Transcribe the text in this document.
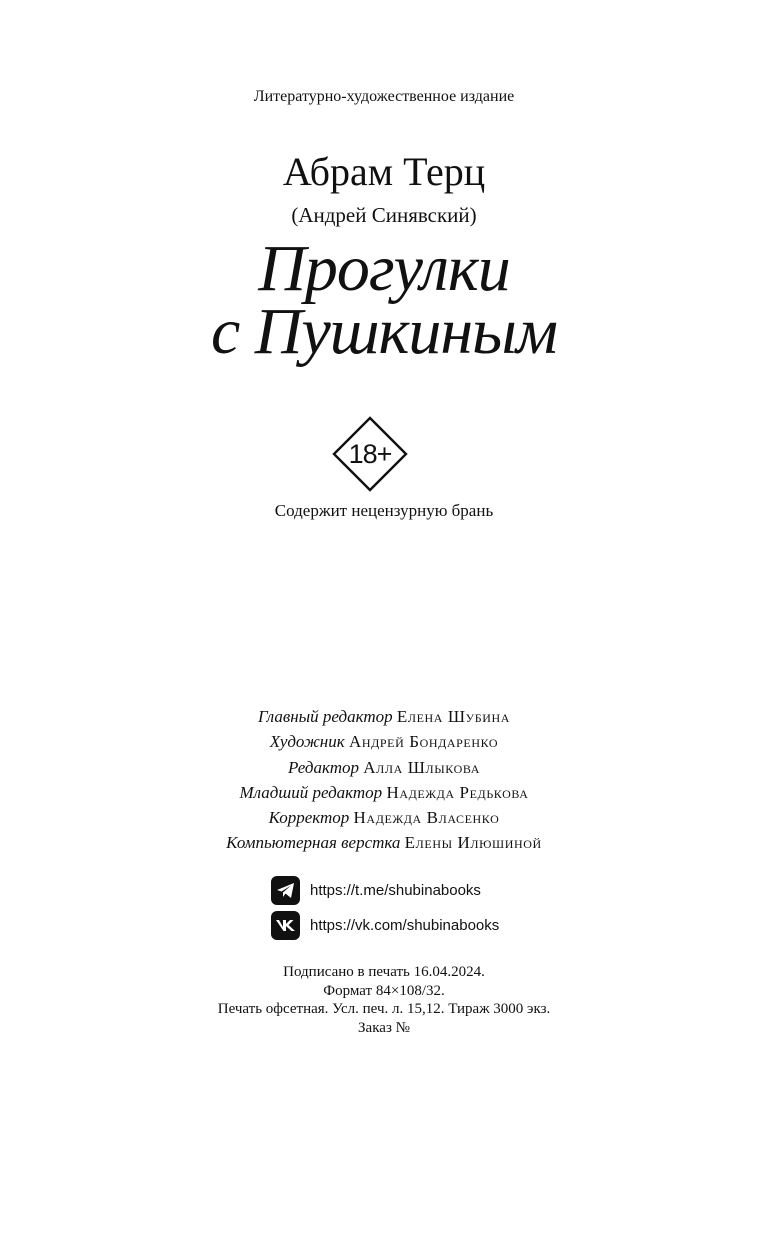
Литературно-художественное издание
Абрам Терц
(Андрей Синявский)
Прогулки
с Пушкиным
18+
Содержит нецензурную брань
Главный редактор Елена Шубина
Художник Андрей Бондаренко
Редактор Алла Шлыкова
Младший редактор Надежда Редькова
Корректор Надежда Власенко
Компьютерная верстка Елены Илюшиной
https://t.me/shubinabooks
https://vk.com/shubinabooks
Подписано в печать 16.04.2024.
Формат 84×108/32.
Печать офсетная. Усл. печ. л. 15,12. Тираж 3000 экз.
Заказ №
